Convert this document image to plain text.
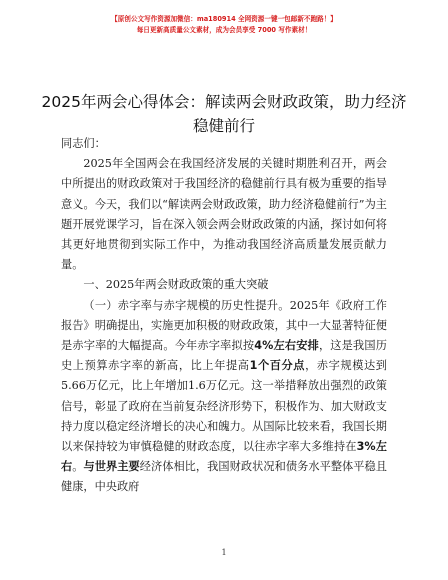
【原创公文写作资源加微信：ma180914 全网资源一键一包邮新不跑路！】
每日更新高质量公文素材，成为会员享受 7000 写作素材！
2025年两会心得体会：解读两会财政政策，助力经济稳健前行

同志们：

2025年全国两会在我国经济发展的关键时期胜利召开，两会中所提出的财政政策对于我国经济的稳健前行具有极为重要的指导意义。今天，我们以“解读两会财政政策，助力经济稳健前行”为主题开展党课学习，旨在深入领会两会财政政策的内涵，探讨如何将其更好地贯彻到实际工作中，为推动我国经济高质量发展贡献力量。

一、2025年两会财政政策的重大突破

（一）赤字率与赤字规模的历史性提升。2025年《政府工作报告》明确提出，实施更加积极的财政政策，其中一大显著特征便是赤字率的大幅提高。今年赤字率拟按4%左右安排，这是我国历史上预算赤字率的新高，比上年提高1个百分点，赤字规模达到5.66万亿元，比上年增加1.6万亿元。这一举措释放出强烈的政策信号，彰显了政府在当前复杂经济形势下，积极作为、加大财政支持力度以稳定经济增长的决心和魄力。从国际比较来看，我国长期以来保持较为审慎稳健的财政态度，以往赤字率大多维持在3%左右。与世界主要经济体相比，我国财政状况和债务水平整体平稳且健康，中央政府

1
